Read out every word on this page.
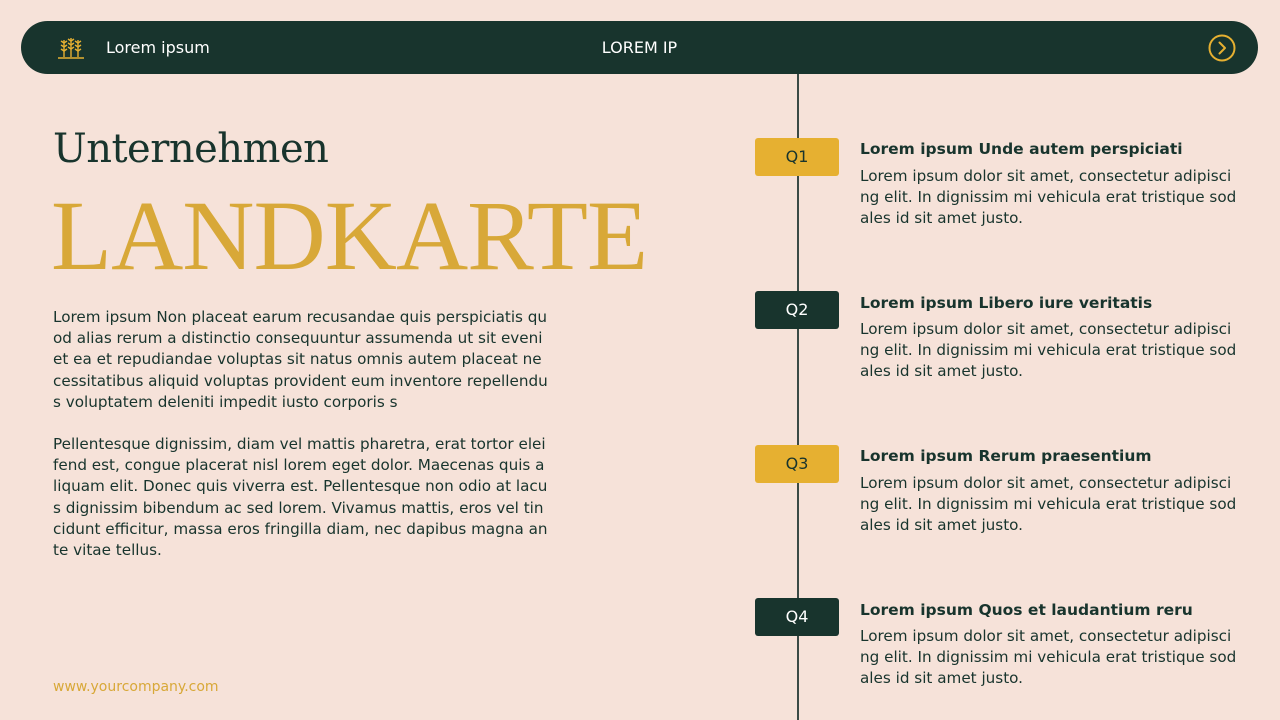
Lorem ipsum	LOREM IP
Unternehmen
LANDKARTE

Lorem ipsum Non placeat earum recusandae quis perspiciatis quod alias rerum a distinctio consequuntur assumenda ut sit eveniet ea et repudiandae voluptas sit natus omnis autem placeat necessitatibus aliquid voluptas provident eum inventore repellendus voluptatem deleniti impedit iusto corporis s

Pellentesque dignissim, diam vel mattis pharetra, erat tortor eleifend est, congue placerat nisl lorem eget dolor. Maecenas quis aliquam elit. Donec quis viverra est. Pellentesque non odio at lacus dignissim bibendum ac sed lorem. Vivamus mattis, eros vel tincidunt efficitur, massa eros fringilla diam, nec dapibus magna ante vitae tellus.

www.yourcompany.com
Q1	Lorem ipsum Unde autem perspiciati
Lorem ipsum dolor sit amet, consectetur adipiscing elit. In dignissim mi vehicula erat tristique sodales id sit amet justo.
Q2	Lorem ipsum Libero iure veritatis
Lorem ipsum dolor sit amet, consectetur adipiscing elit. In dignissim mi vehicula erat tristique sodales id sit amet justo.
Q3	Lorem ipsum Rerum praesentium
Lorem ipsum dolor sit amet, consectetur adipiscing elit. In dignissim mi vehicula erat tristique sodales id sit amet justo.
Q4	Lorem ipsum Quos et laudantium reru
Lorem ipsum dolor sit amet, consectetur adipiscing elit. In dignissim mi vehicula erat tristique sodales id sit amet justo.
